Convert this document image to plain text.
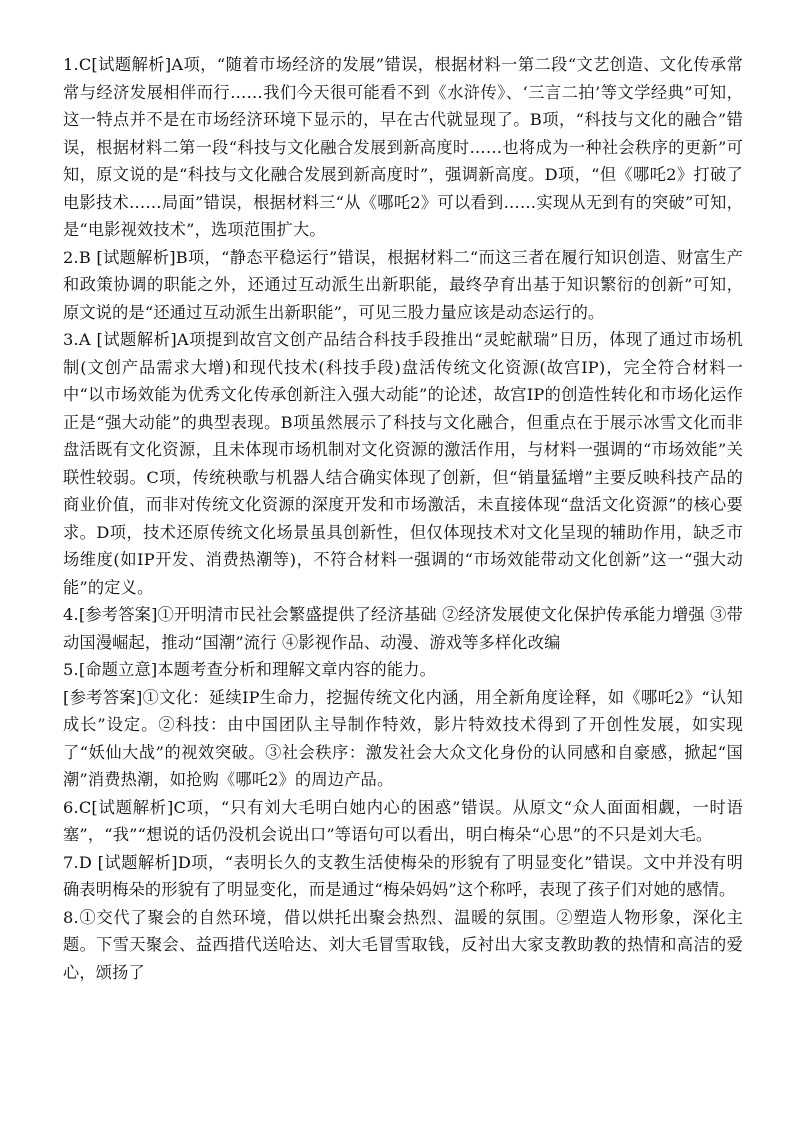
1.C[试题解析]A项，“随着市场经济的发展”错误，根据材料一第二段“文艺创造、文化传承常常与经济发展相伴而行……我们今天很可能看不到《水浒传》、‘三言二拍’等文学经典”可知，这一特点并不是在市场经济环境下显示的，早在古代就显现了。B项，“科技与文化的融合”错误，根据材料二第一段“科技与文化融合发展到新高度时……也将成为一种社会秩序的更新”可知，原文说的是“科技与文化融合发展到新高度时”，强调新高度。D项，“但《哪吒2》打破了电影技术……局面”错误，根据材料三“从《哪吒2》可以看到……实现从无到有的突破”可知，是“电影视效技术”，选项范围扩大。

2.B [试题解析]B项，“静态平稳运行”错误，根据材料二“而这三者在履行知识创造、财富生产和政策协调的职能之外，还通过互动派生出新职能，最终孕育出基于知识繁衍的创新”可知，原文说的是“还通过互动派生出新职能”，可见三股力量应该是动态运行的。

3.A [试题解析]A项提到故宫文创产品结合科技手段推出“灵蛇献瑞”日历，体现了通过市场机制(文创产品需求大增)和现代技术(科技手段)盘活传统文化资源(故宫IP)，完全符合材料一中“以市场效能为优秀文化传承创新注入强大动能”的论述，故宫IP的创造性转化和市场化运作正是“强大动能”的典型表现。B项虽然展示了科技与文化融合，但重点在于展示冰雪文化而非盘活既有文化资源，且未体现市场机制对文化资源的激活作用，与材料一强调的“市场效能”关联性较弱。C项，传统秧歌与机器人结合确实体现了创新，但“销量猛增”主要反映科技产品的商业价值，而非对传统文化资源的深度开发和市场激活，未直接体现“盘活文化资源”的核心要求。D项，技术还原传统文化场景虽具创新性，但仅体现技术对文化呈现的辅助作用，缺乏市场维度(如IP开发、消费热潮等)，不符合材料一强调的“市场效能带动文化创新”这一“强大动能”的定义。

4.[参考答案]①开明清市民社会繁盛提供了经济基础 ②经济发展使文化保护传承能力增强 ③带动国漫崛起，推动“国潮”流行 ④影视作品、动漫、游戏等多样化改编

5.[命题立意]本题考查分析和理解文章内容的能力。

[参考答案]①文化：延续IP生命力，挖掘传统文化内涵，用全新角度诠释，如《哪吒2》“认知成长”设定。②科技：由中国团队主导制作特效，影片特效技术得到了开创性发展，如实现了“妖仙大战”的视效突破。③社会秩序：激发社会大众文化身份的认同感和自豪感，掀起“国潮”消费热潮，如抢购《哪吒2》的周边产品。

6.C[试题解析]C项，“只有刘大毛明白她内心的困惑”错误。从原文“众人面面相觑，一时语塞”，“我”“想说的话仍没机会说出口”等语句可以看出，明白梅朵“心思”的不只是刘大毛。

7.D [试题解析]D项，“表明长久的支教生活使梅朵的形貌有了明显变化”错误。文中并没有明确表明梅朵的形貌有了明显变化，而是通过“梅朵妈妈”这个称呼，表现了孩子们对她的感情。

8.①交代了聚会的自然环境，借以烘托出聚会热烈、温暖的氛围。②塑造人物形象，深化主题。下雪天聚会、益西措代送哈达、刘大毛冒雪取钱，反衬出大家支教助教的热情和高洁的爱心，颂扬了
